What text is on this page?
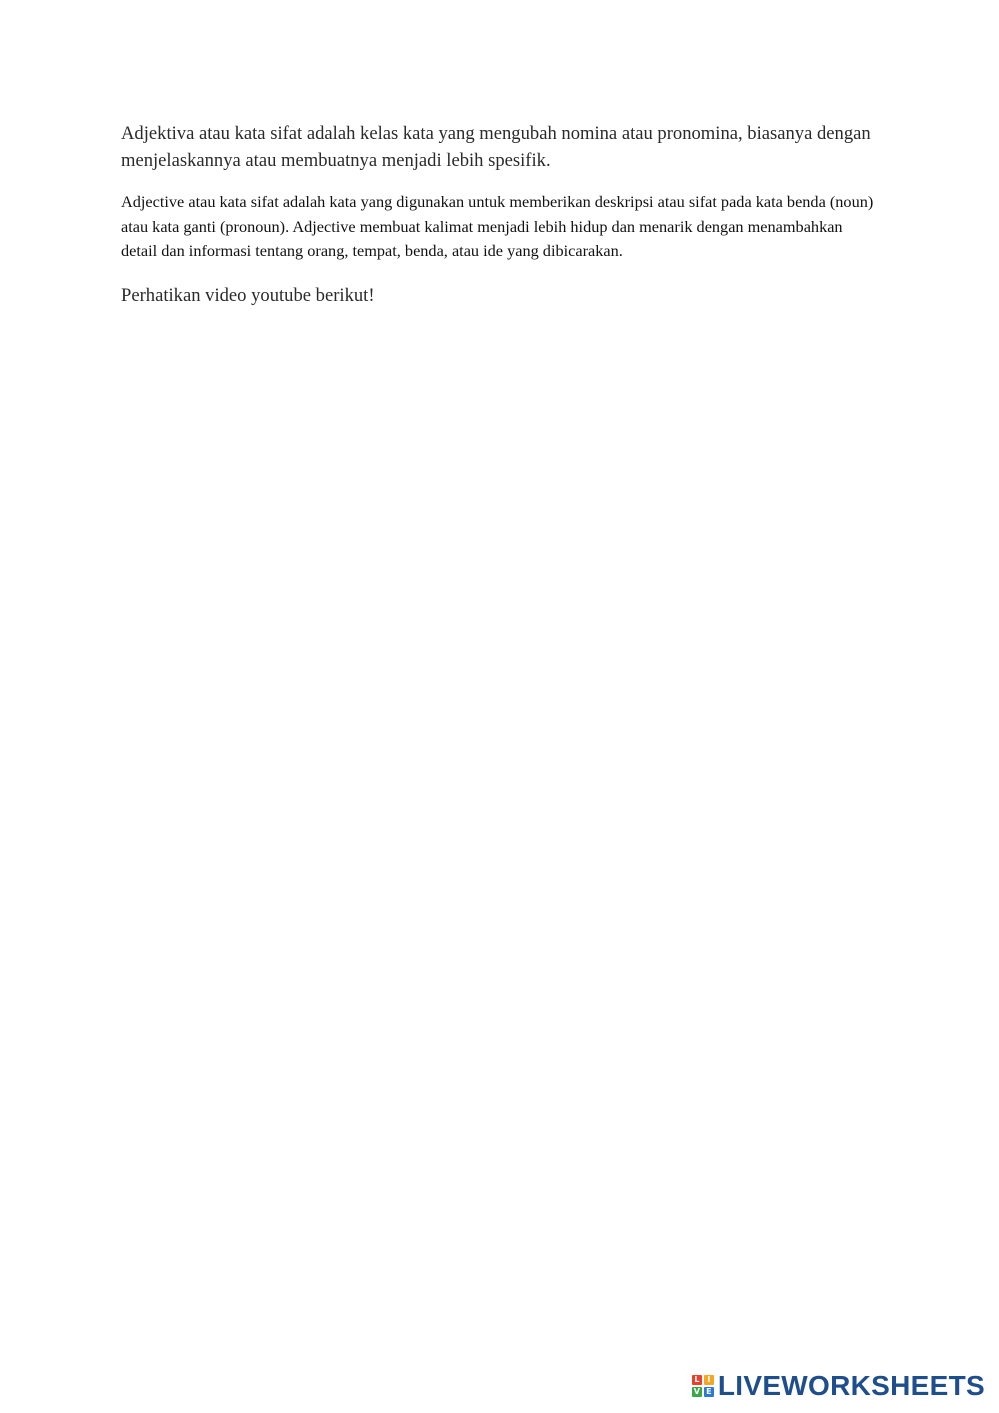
Adjektiva atau kata sifat adalah kelas kata yang mengubah nomina atau pronomina, biasanya dengan menjelaskannya atau membuatnya menjadi lebih spesifik.

Adjective atau kata sifat adalah kata yang digunakan untuk memberikan deskripsi atau sifat pada kata benda (noun) atau kata ganti (pronoun). Adjective membuat kalimat menjadi lebih hidup dan menarik dengan menambahkan detail dan informasi tentang orang, tempat, benda, atau ide yang dibicarakan.

Perhatikan video youtube berikut!

L I
V E LIVEWORKSHEETS
